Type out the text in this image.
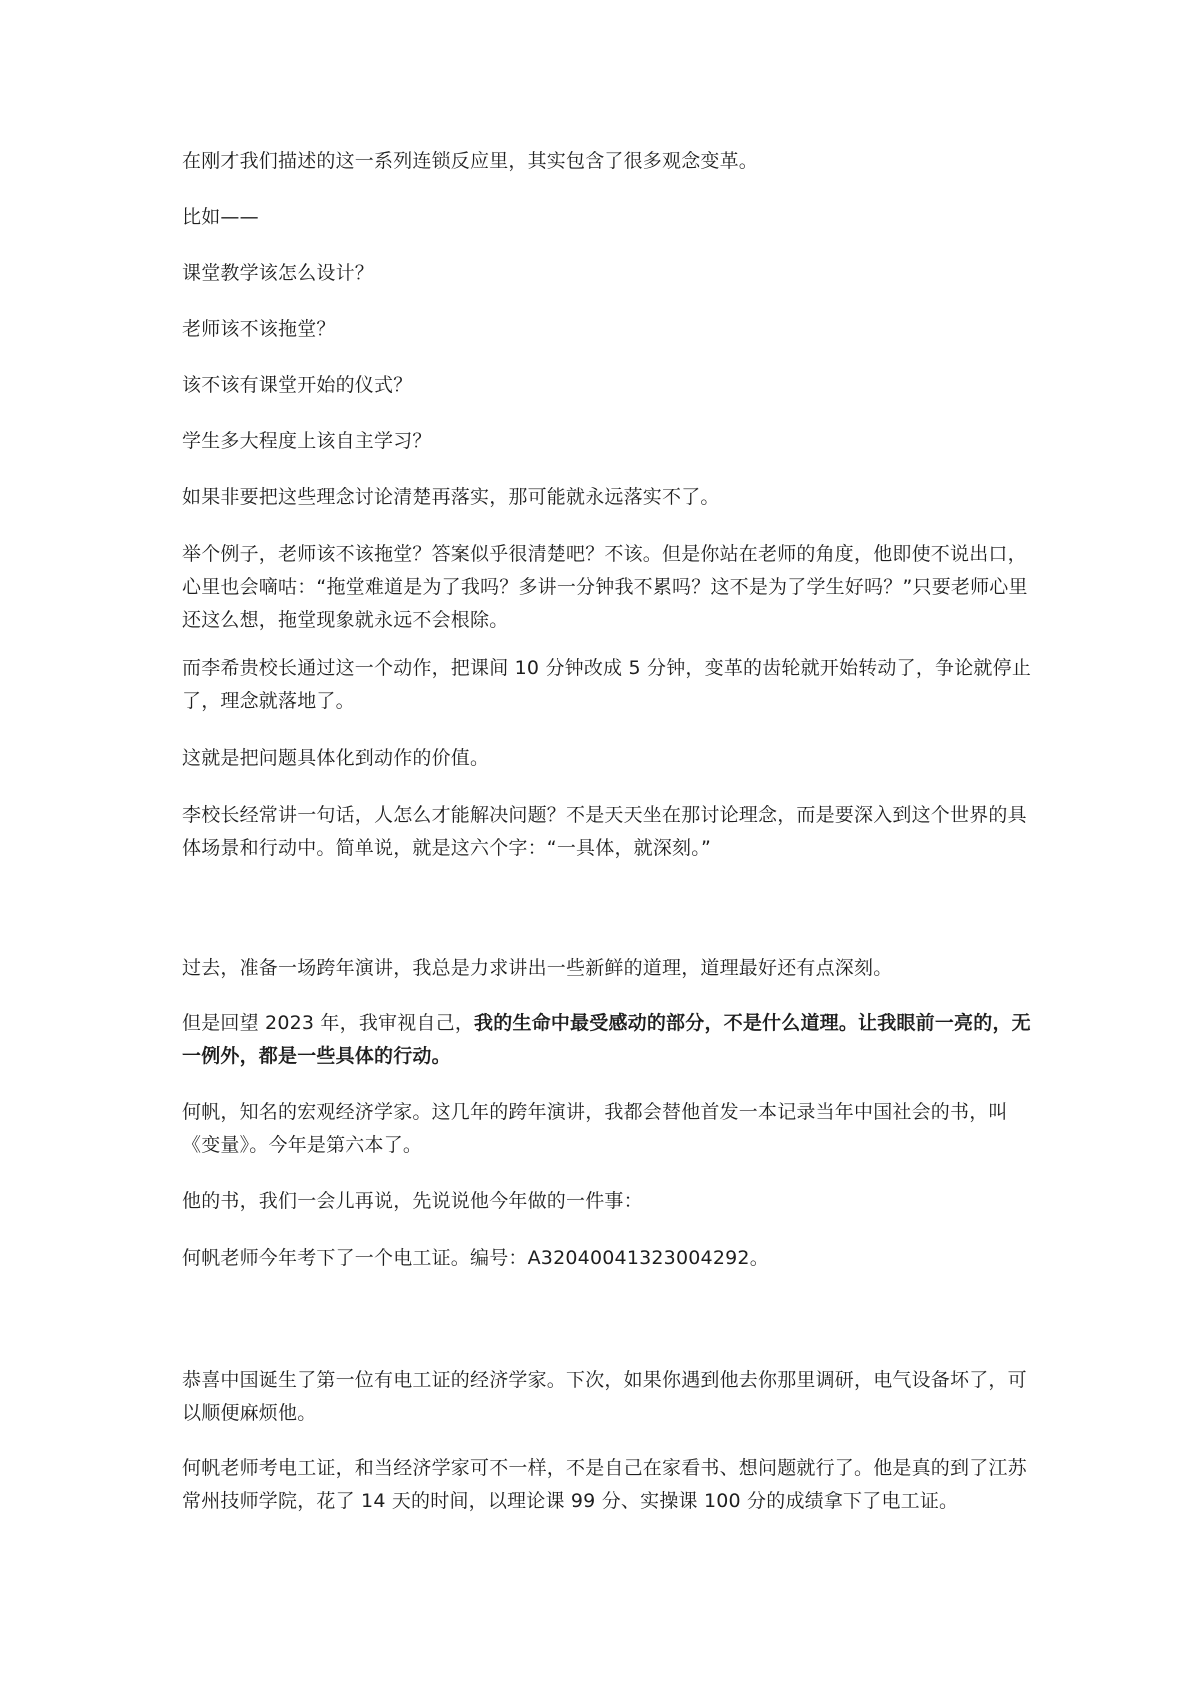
在刚才我们描述的这一系列连锁反应里，其实包含了很多观念变革。

比如——

课堂教学该怎么设计？

老师该不该拖堂？

该不该有课堂开始的仪式？

学生多大程度上该自主学习？

如果非要把这些理念讨论清楚再落实，那可能就永远落实不了。

举个例子，老师该不该拖堂？答案似乎很清楚吧？不该。但是你站在老师的角度，他即使不说出口，心里也会嘀咕：“拖堂难道是为了我吗？多讲一分钟我不累吗？这不是为了学生好吗？”只要老师心里还这么想，拖堂现象就永远不会根除。

而李希贵校长通过这一个动作，把课间 10 分钟改成 5 分钟，变革的齿轮就开始转动了，争论就停止了，理念就落地了。

这就是把问题具体化到动作的价值。

李校长经常讲一句话，人怎么才能解决问题？不是天天坐在那讨论理念，而是要深入到这个世界的具体场景和行动中。简单说，就是这六个字：“一具体，就深刻。”

过去，准备一场跨年演讲，我总是力求讲出一些新鲜的道理，道理最好还有点深刻。

但是回望 2023 年，我审视自己，我的生命中最受感动的部分，不是什么道理。让我眼前一亮的，无一例外，都是一些具体的行动。

何帆，知名的宏观经济学家。这几年的跨年演讲，我都会替他首发一本记录当年中国社会的书，叫《变量》。今年是第六本了。

他的书，我们一会儿再说，先说说他今年做的一件事：

何帆老师今年考下了一个电工证。编号：A32040041323004292。

恭喜中国诞生了第一位有电工证的经济学家。下次，如果你遇到他去你那里调研，电气设备坏了，可以顺便麻烦他。

何帆老师考电工证，和当经济学家可不一样，不是自己在家看书、想问题就行了。他是真的到了江苏常州技师学院，花了 14 天的时间，以理论课 99 分、实操课 100 分的成绩拿下了电工证。
